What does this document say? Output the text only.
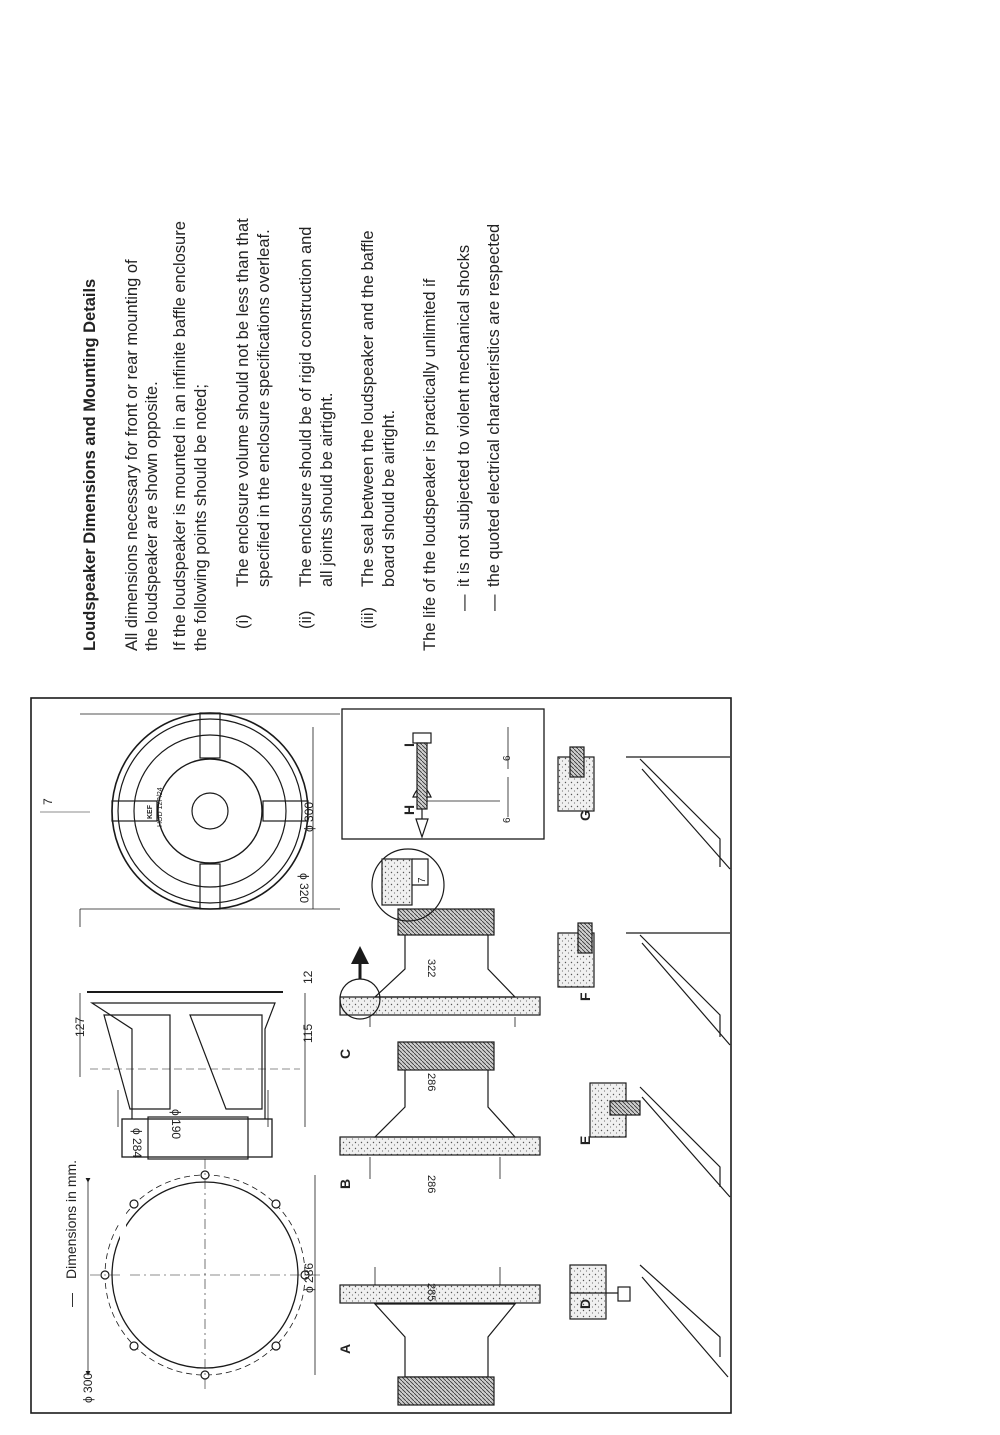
Loudspeaker Dimensions and Mounting Details All dimensions necessary for front or rear mounting of the loudspeaker are shown opposite. If the loudspeaker is mounted in an infinite baffle enclosure the following points should be noted; (i)
The enclosure volume should not be less than that specified in the enclosure specifications overleaf.
(ii)
The enclosure should be of rigid construction and all joints should be airtight.
(iii)
The seal between the loudspeaker and the baffle board should be airtight. The life of the loudspeaker is practically unlimited if —
it is not subjected to violent mechanical shocks
—
the quoted electrical characteristics are respected
—
Dimensions in mm.
ϕ 300
ϕ 286
127	115
12
ϕ 284
ϕ 190
HOD 12P/24
KEF
ϕ 320
ϕ 300
7
A
285
B	286
C
286
322
7
H
I
6
6
D
E
F
G
